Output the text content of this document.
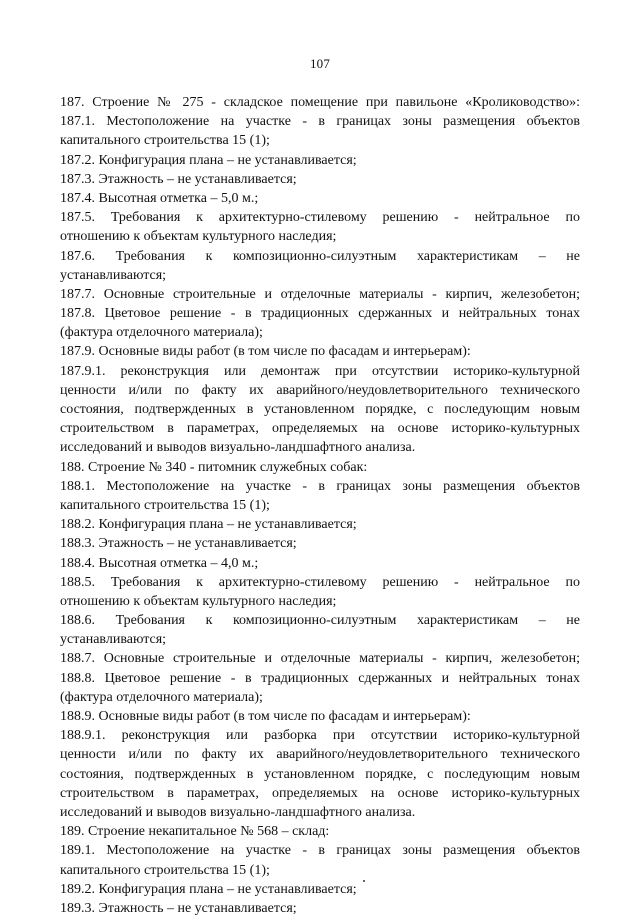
107
187. Строение № 275 - складское помещение при павильоне «Кролиководство»:
187.1. Местоположение на участке - в границах зоны размещения объектов
капитального строительства 15 (1);
187.2. Конфигурация плана – не устанавливается;
187.3. Этажность – не устанавливается;
187.4. Высотная отметка – 5,0 м.;
187.5. Требования к архитектурно-стилевому решению - нейтральное по
отношению к объектам культурного наследия;
187.6. Требования к композиционно-силуэтным характеристикам – не
устанавливаются;
187.7. Основные строительные и отделочные материалы - кирпич, железобетон;
187.8. Цветовое решение - в традиционных сдержанных и нейтральных тонах
(фактура отделочного материала);
187.9. Основные виды работ (в том числе по фасадам и интерьерам):
187.9.1. реконструкция или демонтаж при отсутствии историко-культурной
ценности и/или по факту их аварийного/неудовлетворительного технического
состояния, подтвержденных в установленном порядке, с последующим новым
строительством в параметрах, определяемых на основе историко-культурных
исследований и выводов визуально-ландшафтного анализа.
188. Строение № 340 - питомник служебных собак:
188.1. Местоположение на участке - в границах зоны размещения объектов
капитального строительства 15 (1);
188.2. Конфигурация плана – не устанавливается;
188.3. Этажность – не устанавливается;
188.4. Высотная отметка – 4,0 м.;
188.5. Требования к архитектурно-стилевому решению - нейтральное по
отношению к объектам культурного наследия;
188.6. Требования к композиционно-силуэтным характеристикам – не
устанавливаются;
188.7. Основные строительные и отделочные материалы - кирпич, железобетон;
188.8. Цветовое решение - в традиционных сдержанных и нейтральных тонах
(фактура отделочного материала);
188.9. Основные виды работ (в том числе по фасадам и интерьерам):
188.9.1. реконструкция или разборка при отсутствии историко-культурной
ценности и/или по факту их аварийного/неудовлетворительного технического
состояния, подтвержденных в установленном порядке, с последующим новым
строительством в параметрах, определяемых на основе историко-культурных
исследований и выводов визуально-ландшафтного анализа.
189. Строение некапитальное № 568 – склад:
189.1. Местоположение на участке - в границах зоны размещения объектов
капитального строительства 15 (1);
189.2. Конфигурация плана – не устанавливается;
189.3. Этажность – не устанавливается;
